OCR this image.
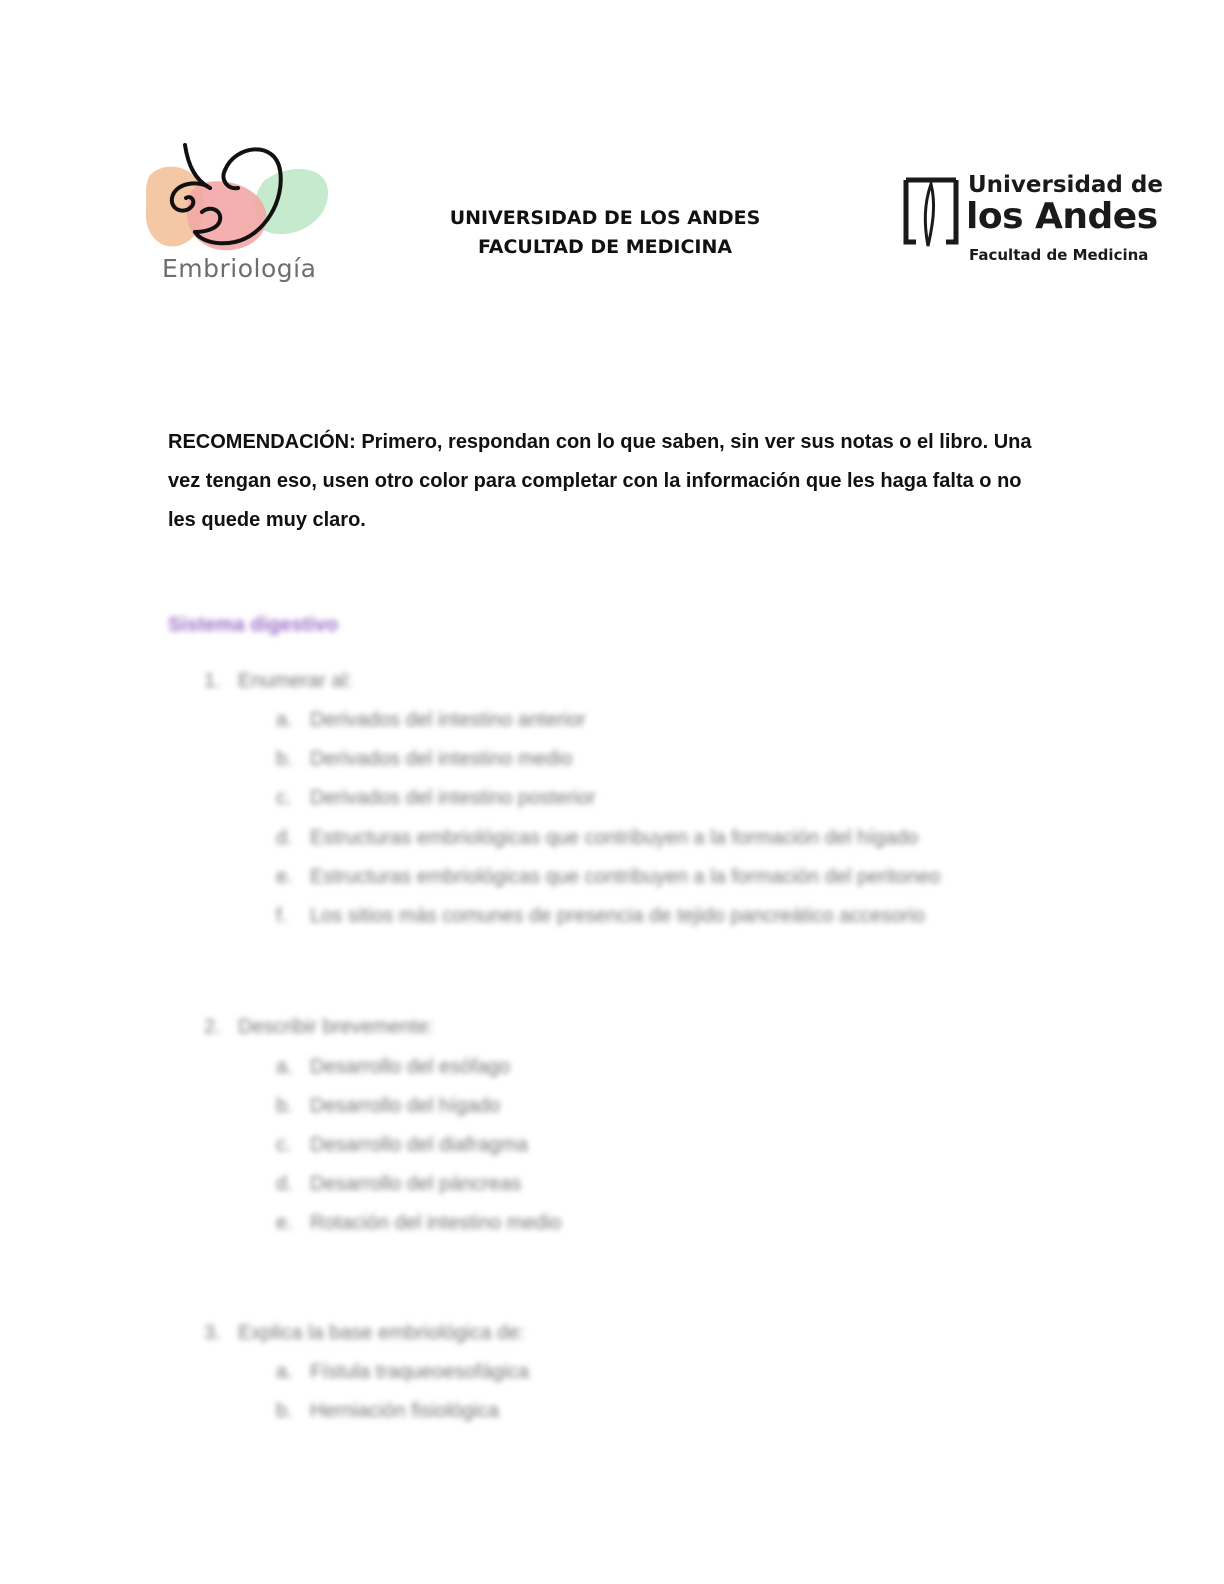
Embriología
UNIVERSIDAD DE LOS ANDES
FACULTAD DE MEDICINA
Universidad de
los Andes
Facultad de Medicina
RECOMENDACIÓN: Primero, respondan con lo que saben, sin ver sus notas o el libro. Una vez tengan eso, usen otro color para completar con la información que les haga falta o no les quede muy claro.
Sistema digestivo
1. Enumerar al:
a. Derivados del intestino anterior
b. Derivados del intestino medio
c. Derivados del intestino posterior
d. Estructuras embriológicas que contribuyen a la formación del hígado
e. Estructuras embriológicas que contribuyen a la formación del peritoneo
f. Los sitios más comunes de presencia de tejido pancreático accesorio
2. Describir brevemente:
a. Desarrollo del esófago
b. Desarrollo del hígado
c. Desarrollo del diafragma
d. Desarrollo del páncreas
e. Rotación del intestino medio
3. Explica la base embriológica de:
a. Fístula traqueoesofágica
b. Herniación fisiológica
